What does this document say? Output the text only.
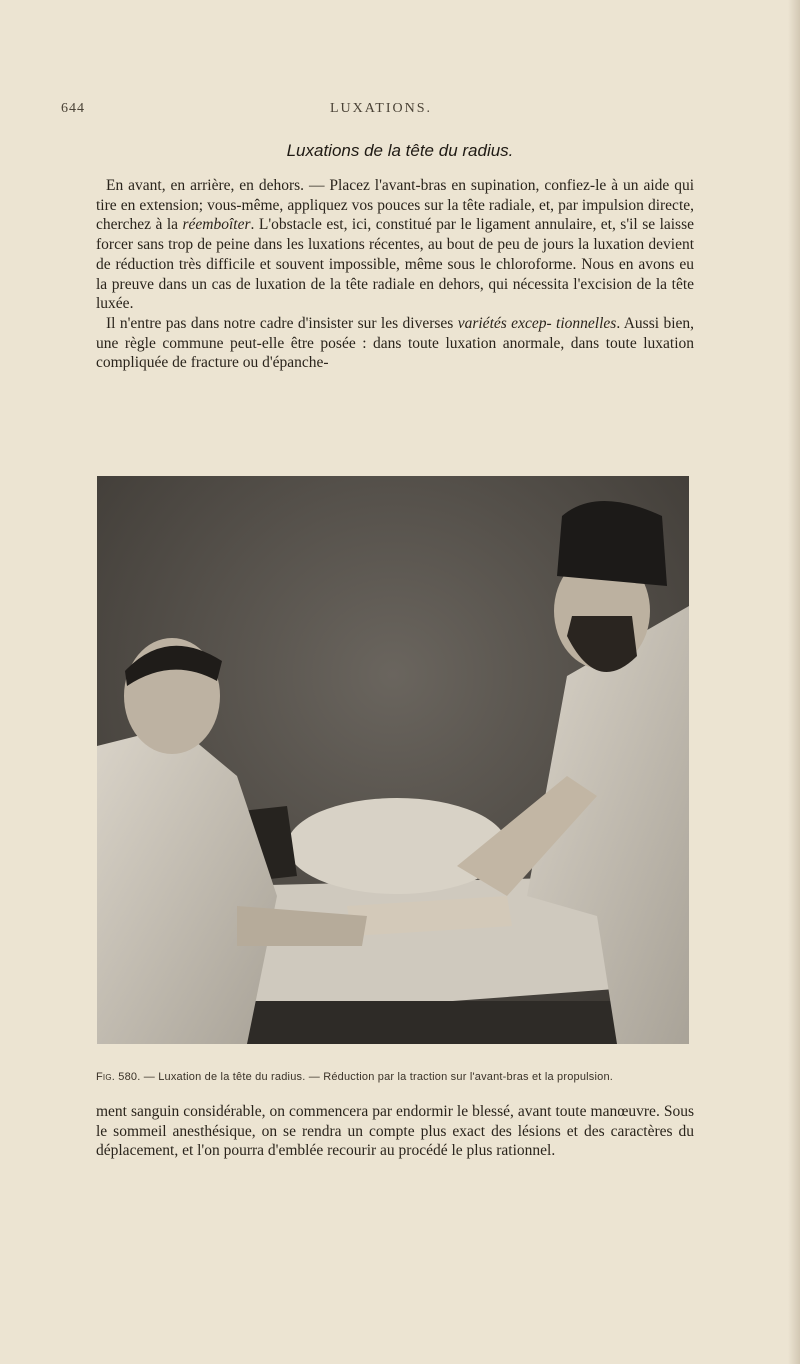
644	LUXATIONS.
Luxations de la tête du radius.

En avant, en arrière, en dehors. — Placez l'avant-bras en supination, confiez-le à un aide qui tire en extension; vous-même, appliquez vos pouces sur la tête radiale, et, par impulsion directe, cherchez à la réemboîter. L'obstacle est, ici, constitué par le ligament annulaire, et, s'il se laisse forcer sans trop de peine dans les luxations récentes, au bout de peu de jours la luxation devient de réduction très difficile et souvent impossible, même sous le chloroforme. Nous en avons eu la preuve dans un cas de luxation de la tête radiale en dehors, qui nécessita l'excision de la tête luxée.

Il n'entre pas dans notre cadre d'insister sur les diverses variétés excep- tionnelles. Aussi bien, une règle commune peut-elle être posée : dans toute luxation anormale, dans toute luxation compliquée de fracture ou d'épanche-

Fig. 580. — Luxation de la tête du radius. — Réduction par la traction sur l'avant-bras et la propulsion.

ment sanguin considérable, on commencera par endormir le blessé, avant toute manœuvre. Sous le sommeil anesthésique, on se rendra un compte plus exact des lésions et des caractères du déplacement, et l'on pourra d'emblée recourir au procédé le plus rationnel.
